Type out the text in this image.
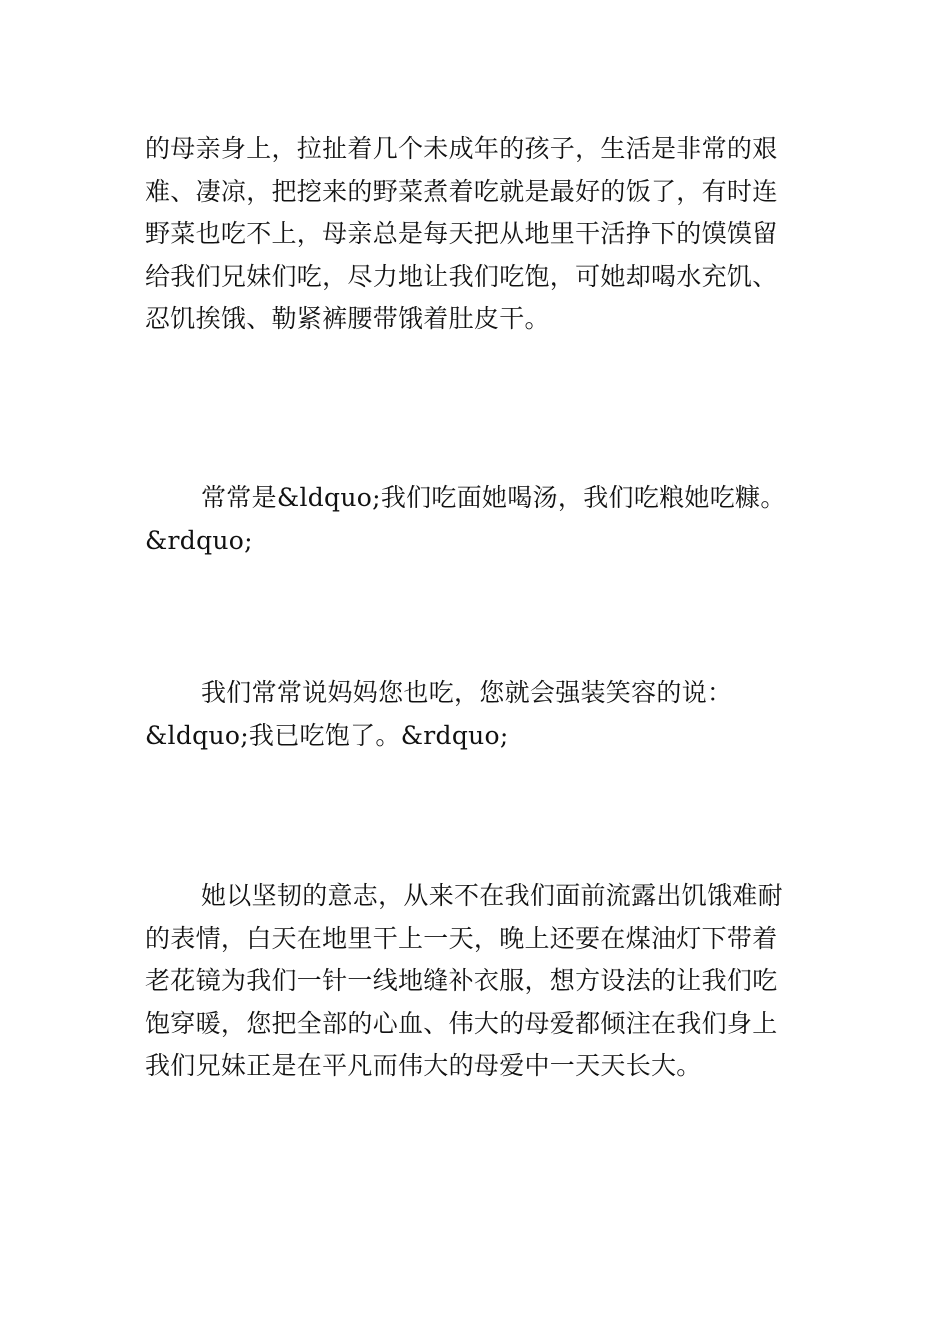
的母亲身上，拉扯着几个未成年的孩子，生活是非常的艰
难、凄凉，把挖来的野菜煮着吃就是最好的饭了，有时连
野菜也吃不上，母亲总是每天把从地里干活挣下的馍馍留
给我们兄妹们吃，尽力地让我们吃饱，可她却喝水充饥、
忍饥挨饿、勒紧裤腰带饿着肚皮干。

常常是&ldquo;我们吃面她喝汤，我们吃粮她吃糠。
&rdquo;

我们常常说妈妈您也吃，您就会强装笑容的说：
&ldquo;我已吃饱了。&rdquo;

她以坚韧的意志，从来不在我们面前流露出饥饿难耐
的表情，白天在地里干上一天，晚上还要在煤油灯下带着
老花镜为我们一针一线地缝补衣服，想方设法的让我们吃
饱穿暖，您把全部的心血、伟大的母爱都倾注在我们身上
我们兄妹正是在平凡而伟大的母爱中一天天长大。
